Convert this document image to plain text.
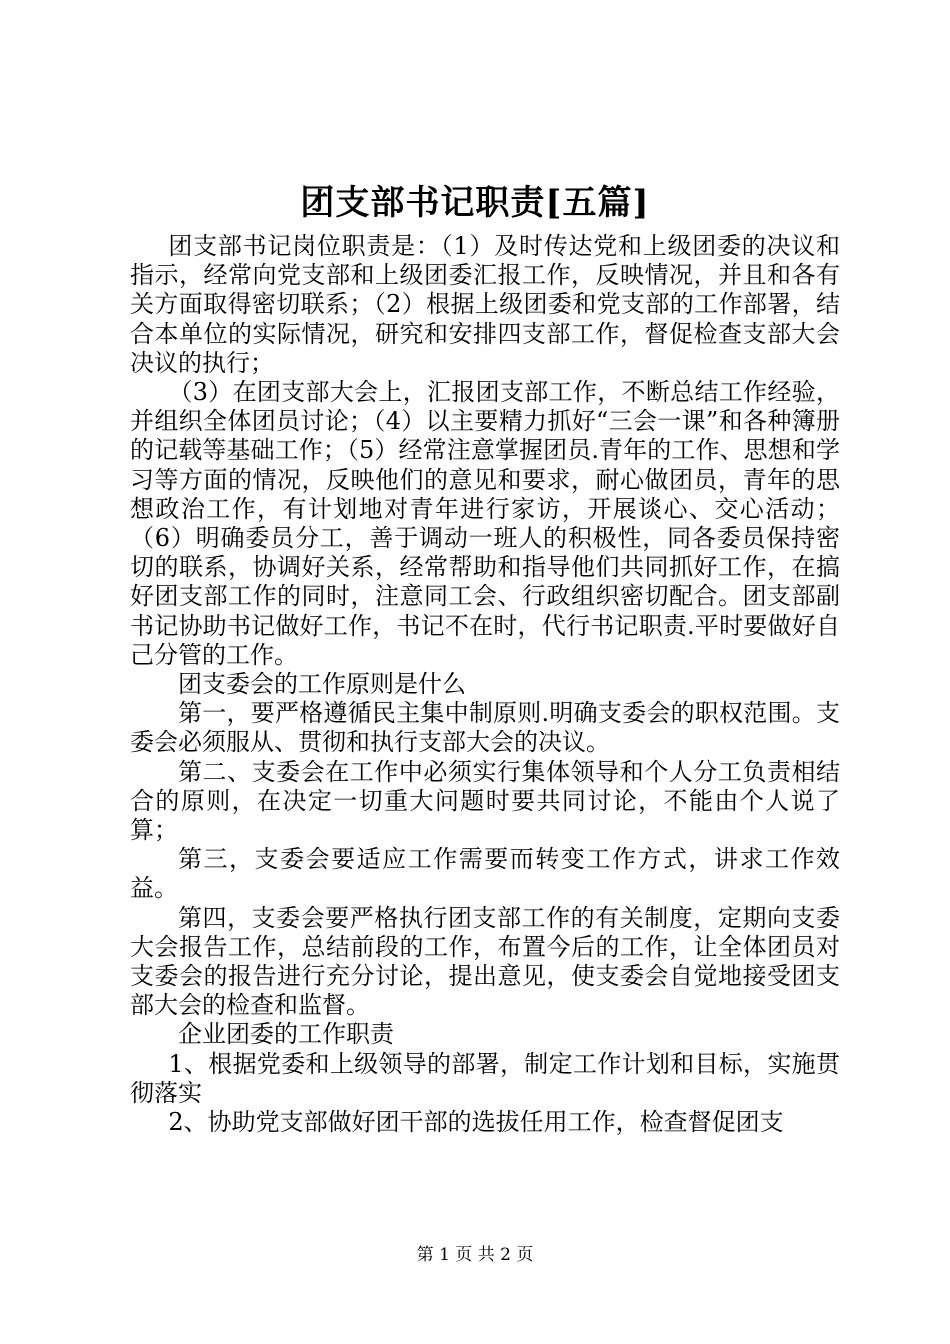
团支部书记职责[五篇]

团支部书记岗位职责是：（1）及时传达党和上级团委的决议和指示，经常向党支部和上级团委汇报工作，反映情况，并且和各有关方面取得密切联系；（2）根据上级团委和党支部的工作部署，结合本单位的实际情况，研究和安排四支部工作，督促检查支部大会决议的执行；

（3）在团支部大会上，汇报团支部工作，不断总结工作经验，并组织全体团员讨论；（4）以主要精力抓好“三会一课”和各种簿册的记载等基础工作；（5）经常注意掌握团员.青年的工作、思想和学习等方面的情况，反映他们的意见和要求，耐心做团员，青年的思想政治工作，有计划地对青年进行家访，开展谈心、交心活动；（6）明确委员分工，善于调动一班人的积极性，同各委员保持密切的联系，协调好关系，经常帮助和指导他们共同抓好工作，在搞好团支部工作的同时，注意同工会、行政组织密切配合。团支部副书记协助书记做好工作，书记不在时，代行书记职责.平时要做好自己分管的工作。

团支委会的工作原则是什么

第一，要严格遵循民主集中制原则.明确支委会的职权范围。支委会必须服从、贯彻和执行支部大会的决议。

第二、支委会在工作中必须实行集体领导和个人分工负责相结合的原则，在决定一切重大问题时要共同讨论，不能由个人说了算；

第三，支委会要适应工作需要而转变工作方式，讲求工作效益。

第四，支委会要严格执行团支部工作的有关制度，定期向支委大会报告工作，总结前段的工作，布置今后的工作，让全体团员对支委会的报告进行充分讨论，提出意见，使支委会自觉地接受团支部大会的检查和监督。

企业团委的工作职责

1、根据党委和上级领导的部署，制定工作计划和目标，实施贯彻落实

2、协助党支部做好团干部的选拔任用工作，检查督促团支

第 1 页 共 2 页
